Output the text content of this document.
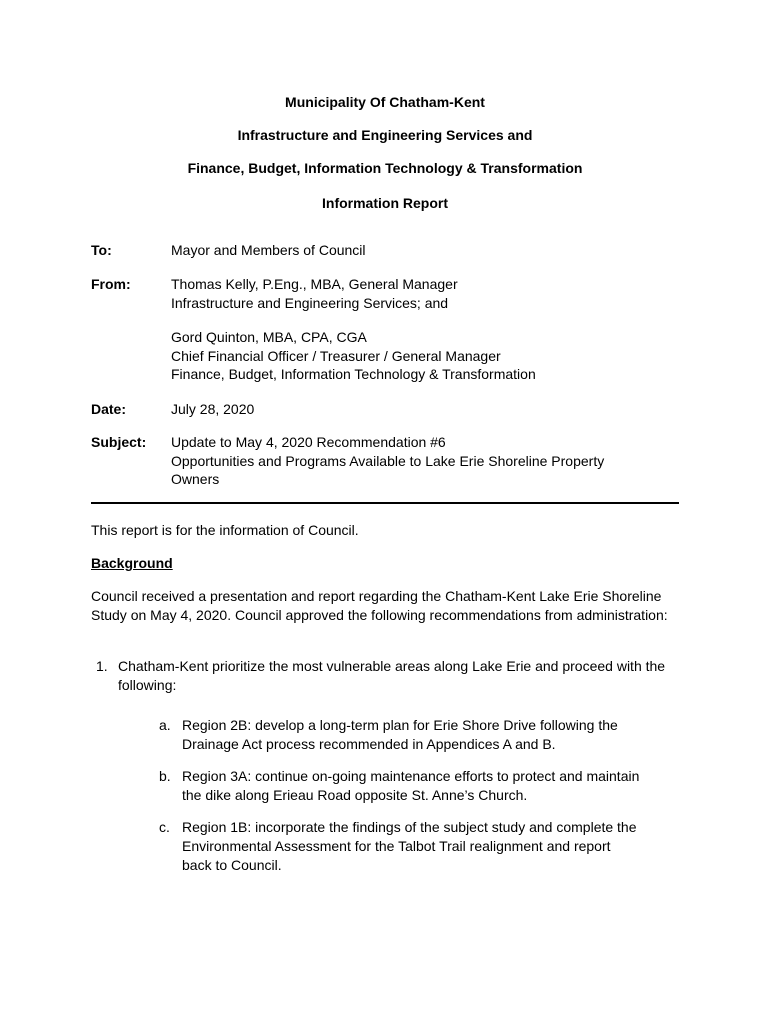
Municipality Of Chatham-Kent
Infrastructure and Engineering Services and
Finance, Budget, Information Technology & Transformation
Information Report
To:	Mayor and Members of Council
From:	Thomas Kelly, P.Eng., MBA, General Manager
Infrastructure and Engineering Services; and
Gord Quinton, MBA, CPA, CGA
Chief Financial Officer / Treasurer / General Manager
Finance, Budget, Information Technology & Transformation
Date:	July 28, 2020
Subject: Update to May 4, 2020 Recommendation #6
Opportunities and Programs Available to Lake Erie Shoreline Property
Owners
This report is for the information of Council.
Background
Council received a presentation and report regarding the Chatham-Kent Lake Erie Shoreline Study on May 4, 2020. Council approved the following recommendations from administration:
1. Chatham-Kent prioritize the most vulnerable areas along Lake Erie and proceed with the following:
a. Region 2B: develop a long-term plan for Erie Shore Drive following the
Drainage Act process recommended in Appendices A and B.
b. Region 3A: continue on-going maintenance efforts to protect and maintain
the dike along Erieau Road opposite St. Anne’s Church.
c. Region 1B: incorporate the findings of the subject study and complete the
Environmental Assessment for the Talbot Trail realignment and report
back to Council.
